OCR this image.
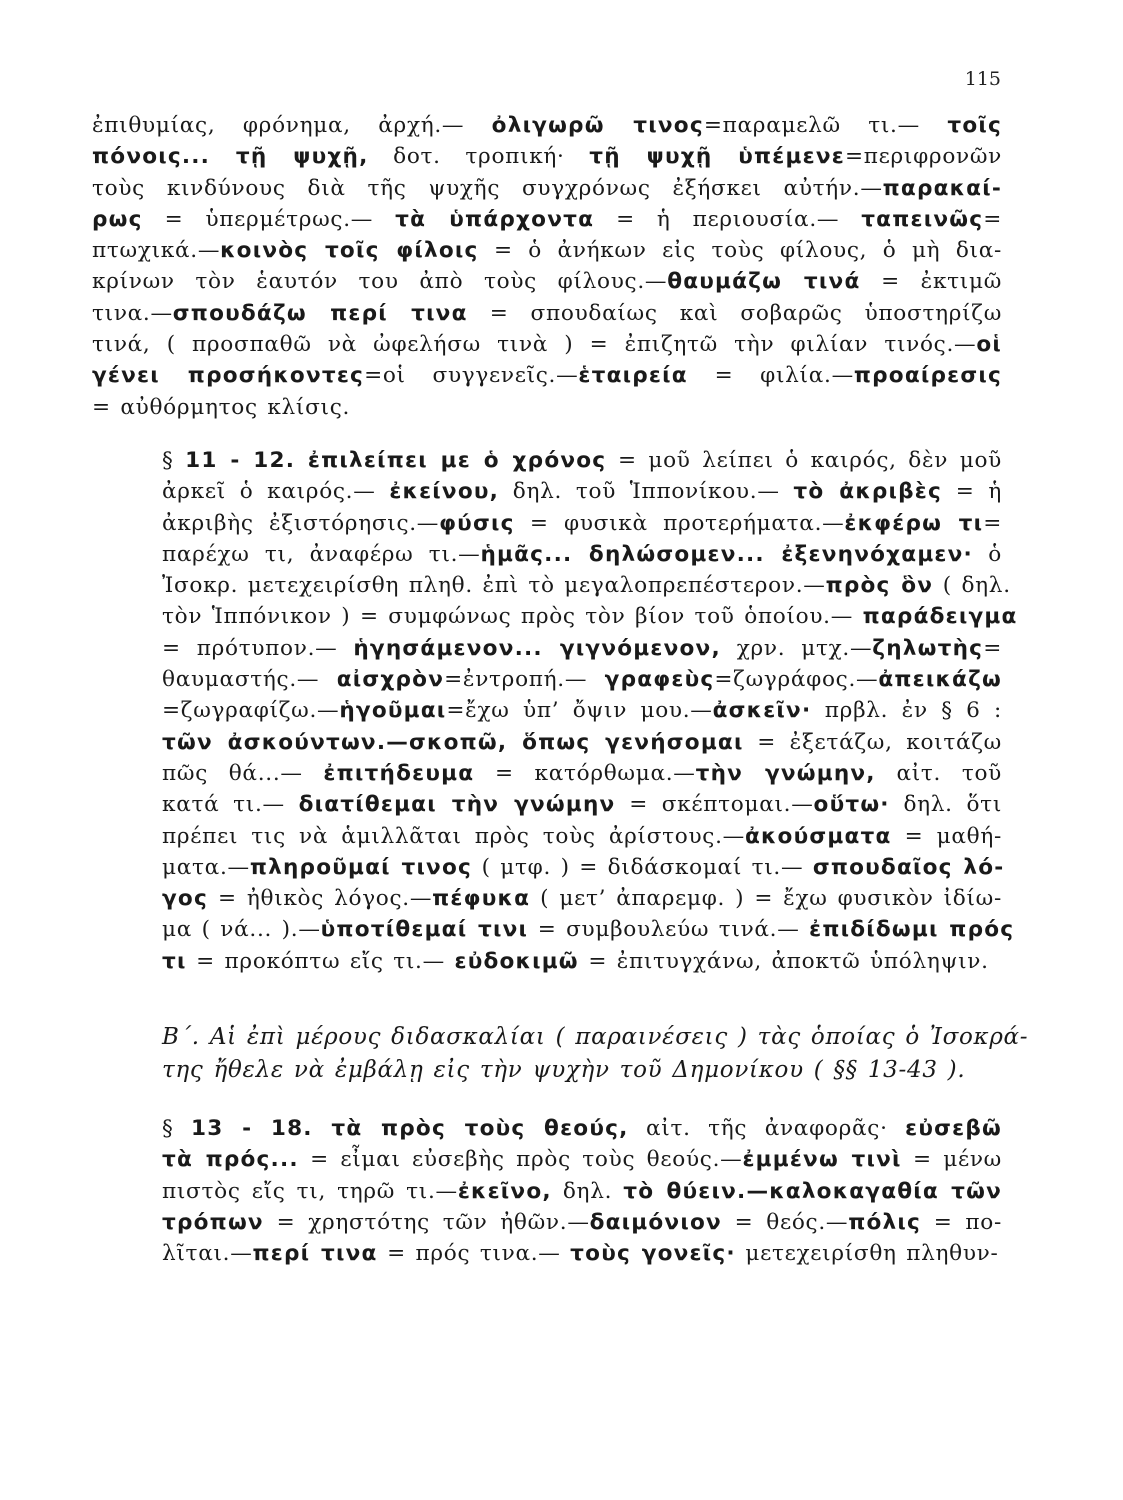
115

ἐπιθυμίας, φρόνημα, ἀρχή.— ὀλιγωρῶ τινος=παραμελῶ τι.— τοῖς
πόνοις... τῇ ψυχῇ, δοτ. τροπική· τῇ ψυχῇ ὑπέμενε=περιφρονῶν
τοὺς κινδύνους διὰ τῆς ψυχῆς συγχρόνως ἐξήσκει αὐτήν.—παρακαί-
ρως = ὑπερμέτρως.— τὰ ὑπάρχοντα = ἡ περιουσία.— ταπεινῶς=
πτωχικά.—κοινὸς τοῖς φίλοις = ὁ ἀνήκων εἰς τοὺς φίλους, ὁ μὴ δια-
κρίνων τὸν ἑαυτόν του ἀπὸ τοὺς φίλους.—θαυμάζω τινά = ἐκτιμῶ
τινα.—σπουδάζω περί τινα = σπουδαίως καὶ σοβαρῶς ὑποστηρίζω
τινά, ( προσπαθῶ νὰ ὠφελήσω τινὰ ) = ἐπιζητῶ τὴν φιλίαν τινός.—οἱ
γένει προσήκοντες=οἱ συγγενεῖς.—ἑταιρεία = φιλία.—προαίρεσις
= αὐθόρμητος κλίσις.

§ 11 - 12. ἐπιλείπει με ὁ χρόνος = μοῦ λείπει ὁ καιρός, δὲν μοῦ
ἀρκεῖ ὁ καιρός.— ἐκείνου, δηλ. τοῦ Ἱππονίκου.— τὸ ἀκριβὲς = ἡ
ἀκριβὴς ἐξιστόρησις.—φύσις = φυσικὰ προτερήματα.—ἐκφέρω τι=
παρέχω τι, ἀναφέρω τι.—ἡμᾶς... δηλώσομεν... ἐξενηνόχαμεν· ὁ
Ἰσοκρ. μετεχειρίσθη πληθ. ἐπὶ τὸ μεγαλοπρεπέστερον.—πρὸς ὃν ( δηλ.
τὸν Ἱππόνικον ) = συμφώνως πρὸς τὸν βίον τοῦ ὁποίου.— παράδειγμα
= πρότυπον.— ἡγησάμενον... γιγνόμενον, χρν. μτχ.—ζηλωτὴς=
θαυμαστής.— αἰσχρὸν=ἐντροπή.— γραφεὺς=ζωγράφος.—ἀπεικάζω
=ζωγραφίζω.—ἡγοῦμαι=ἔχω ὑπ’ ὄψιν μου.—ἀσκεῖν· πρβλ. ἐν § 6 :
τῶν ἀσκούντων.—σκοπῶ, ὅπως γενήσομαι = ἐξετάζω, κοιτάζω
πῶς θά...— ἐπιτήδευμα = κατόρθωμα.—τὴν γνώμην, αἰτ. τοῦ
κατά τι.— διατίθεμαι τὴν γνώμην = σκέπτομαι.—οὕτω· δηλ. ὅτι
πρέπει τις νὰ ἁμιλλᾶται πρὸς τοὺς ἀρίστους.—ἀκούσματα = μαθή-
ματα.—πληροῦμαί τινος ( μτφ. ) = διδάσκομαί τι.— σπουδαῖος λό-
γος = ἠθικὸς λόγος.—πέφυκα ( μετ’ ἀπαρεμφ. ) = ἔχω φυσικὸν ἰδίω-
μα ( νά... ).—ὑποτίθεμαί τινι = συμβουλεύω τινά.— ἐπιδίδωμι πρός
τι = προκόπτω εἴς τι.— εὐδοκιμῶ = ἐπιτυγχάνω, ἀποκτῶ ὑπόληψιν.

B΄. Αἱ ἐπὶ μέρους διδασκαλίαι ( παραινέσεις ) τὰς ὁποίας ὁ Ἰσοκρά-
της ἤθελε νὰ ἐμβάλῃ εἰς τὴν ψυχὴν τοῦ Δημονίκου ( §§ 13-43 ).

§ 13 - 18. τὰ πρὸς τοὺς θεούς, αἰτ. τῆς ἀναφορᾶς· εὐσεβῶ
τὰ πρός... = εἶμαι εὐσεβὴς πρὸς τοὺς θεούς.—ἐμμένω τινὶ = μένω
πιστὸς εἴς τι, τηρῶ τι.—ἐκεῖνο, δηλ. τὸ θύειν.—καλοκαγαθία τῶν
τρόπων = χρηστότης τῶν ἠθῶν.—δαιμόνιον = θεός.—πόλις = πο-
λῖται.—περί τινα = πρός τινα.— τοὺς γονεῖς· μετεχειρίσθη πληθυν-
